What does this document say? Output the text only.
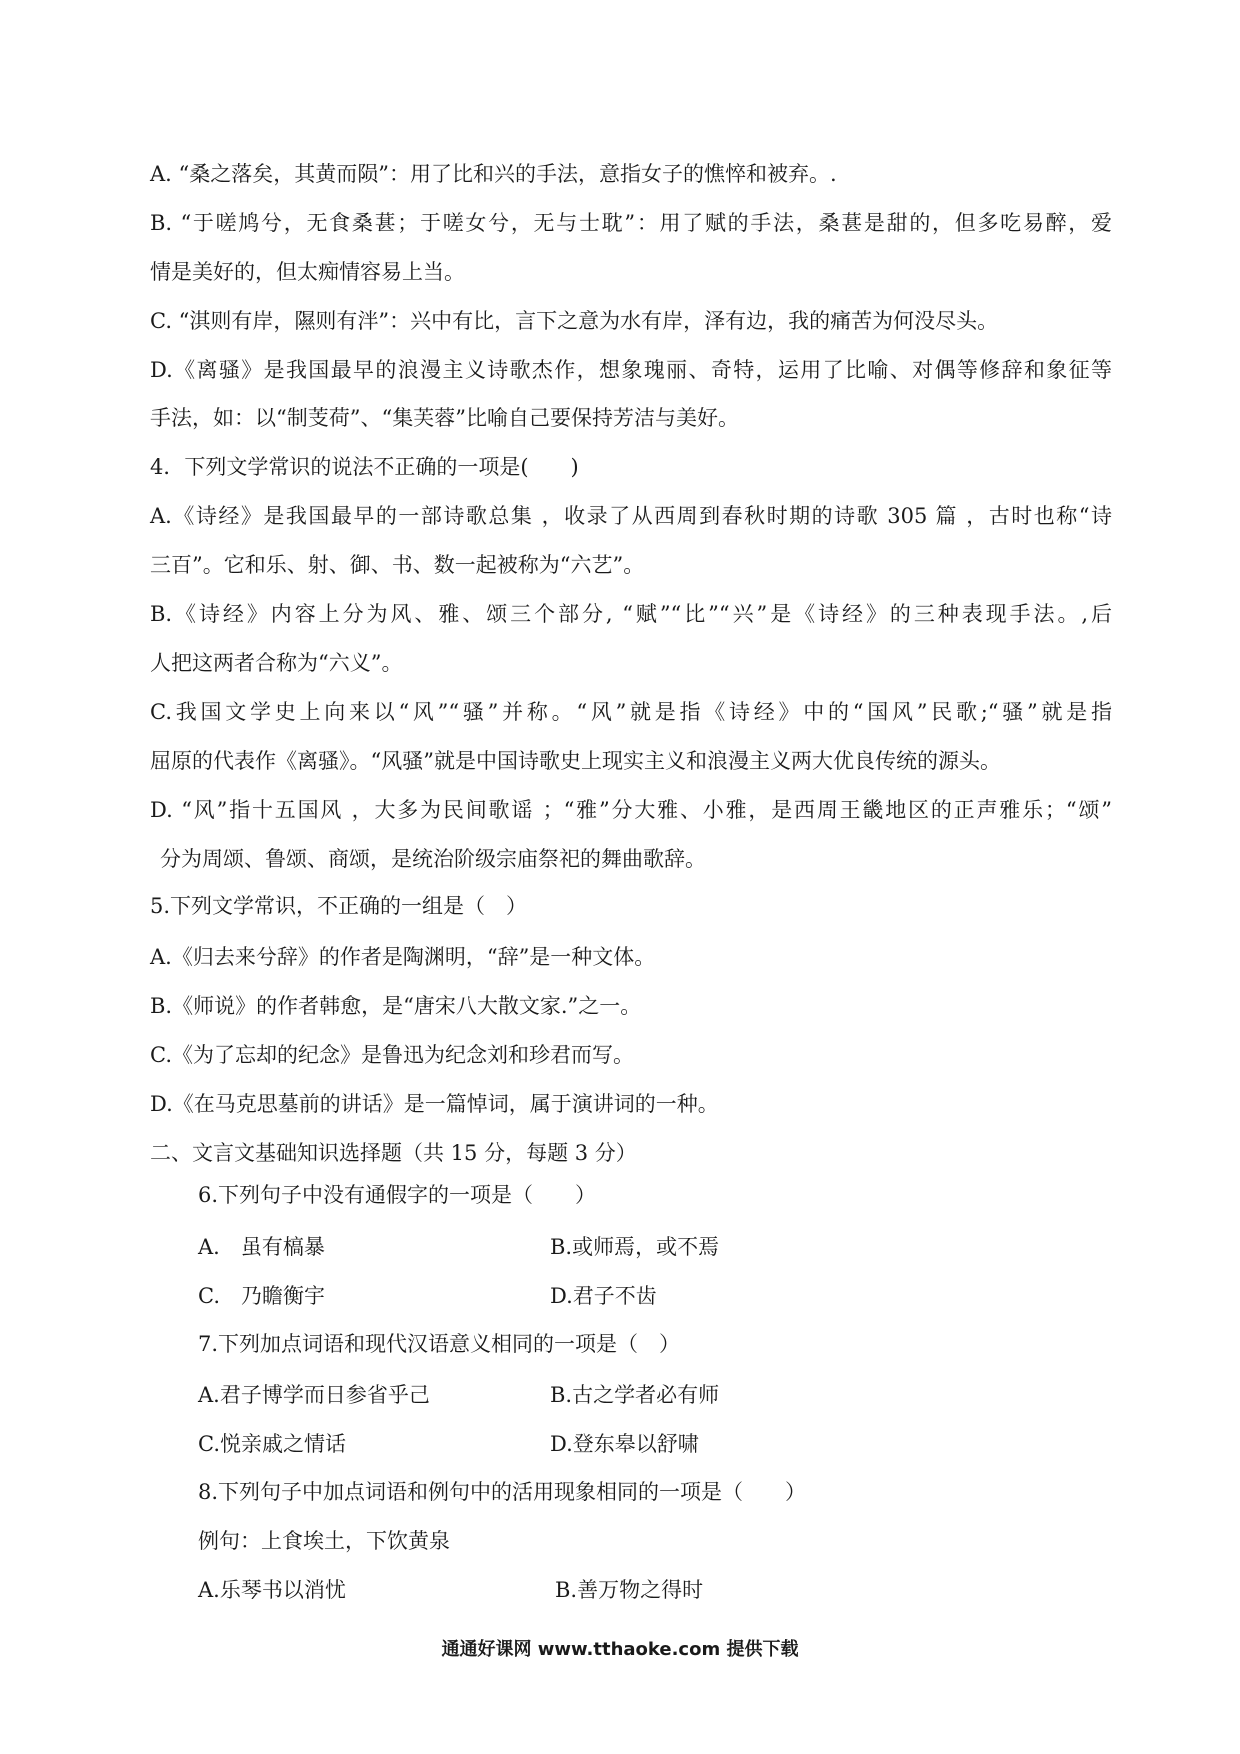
A. “桑之落矣，其黄而陨”：用了比和兴的手法，意指女子的憔悴和被弃。.
B. “于嗟鸠兮，无食桑葚；于嗟女兮，无与士耽”：用了赋的手法，桑葚是甜的，但多吃易醉，爱
情是美好的，但太痴情容易上当。
C. “淇则有岸，隰则有泮”：兴中有比，言下之意为水有岸，泽有边，我的痛苦为何没尽头。
D.《离骚》是我国最早的浪漫主义诗歌杰作，想象瑰丽、奇特，运用了比喻、对偶等修辞和象征等
手法，如：以“制芰荷”、“集芙蓉”比喻自己要保持芳洁与美好。
4．下列文学常识的说法不正确的一项是(　　)
A.《诗经》是我国最早的一部诗歌总集 ，收录了从西周到春秋时期的诗歌 305 篇 ，古时也称“诗
三百”。它和乐、射、御、书、数一起被称为“六艺”。
B.《诗经》内容上分为风、雅、颂三个部分, “赋”“比”“兴”是《诗经》的三种表现手法。,后
人把这两者合称为“六义”。
C.我国文学史上向来以“风”“骚”并称。“风”就是指《诗经》中的“国风”民歌;“骚”就是指
屈原的代表作《离骚》。“风骚”就是中国诗歌史上现实主义和浪漫主义两大优良传统的源头。
D. “风”指十五国风 ，大多为民间歌谣 ；“雅”分大雅、小雅，是西周王畿地区的正声雅乐；“颂”
分为周颂、鲁颂、商颂，是统治阶级宗庙祭祀的舞曲歌辞。
5.下列文学常识，不正确的一组是（　）
A.《归去来兮辞》的作者是陶渊明，“辞”是一种文体。
B.《师说》的作者韩愈，是“唐宋八大散文家.”之一。
C.《为了忘却的纪念》是鲁迅为纪念刘和珍君而写。
D.《在马克思墓前的讲话》是一篇悼词，属于演讲词的一种。
二、文言文基础知识选择题（共 15 分，每题 3 分）
6.下列句子中没有通假字的一项是（　　）
A.　虽有槁暴	B.或师焉，或不焉
C.　乃瞻衡宇	D.君子不齿
7.下列加点词语和现代汉语意义相同的一项是（　）
A.君子博学而日参省乎己	B.古之学者必有师
C.悦亲戚之情话	D.登东皋以舒啸
8.下列句子中加点词语和例句中的活用现象相同的一项是（　　）
例句：上食埃土，下饮黄泉
A.乐琴书以消忧	B.善万物之得时
通通好课网 www.tthaoke.com 提供下载
